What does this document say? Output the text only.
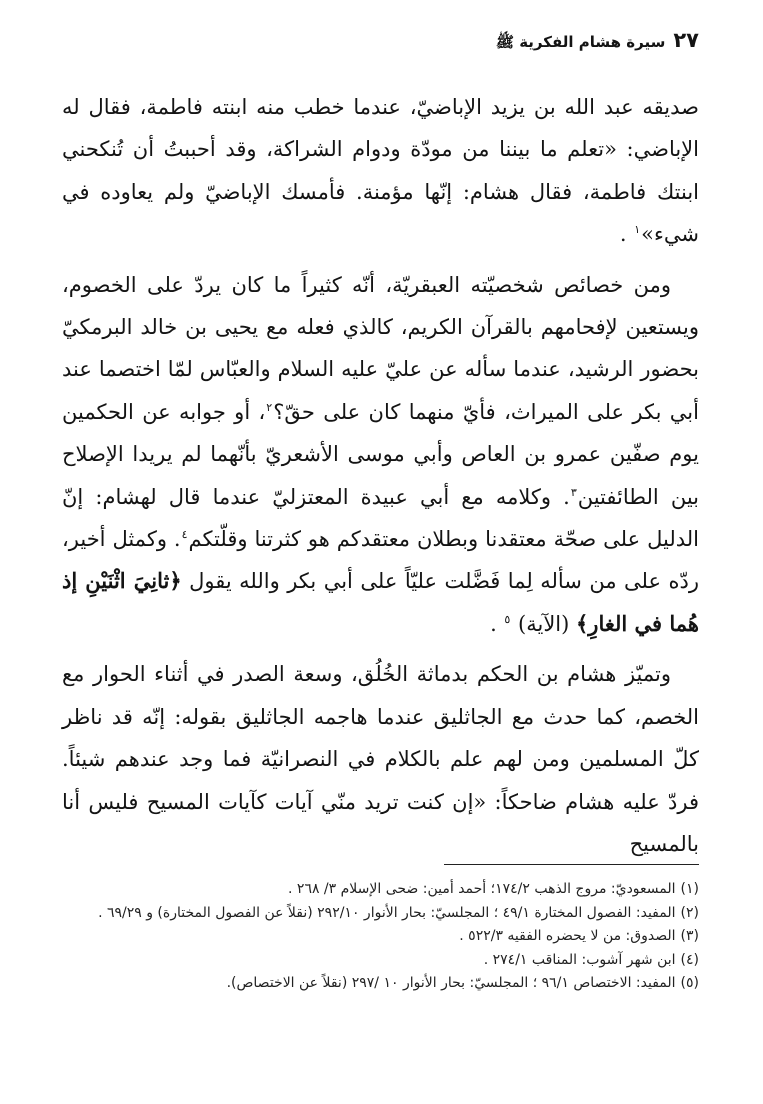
٢٧
سيرة هشام الفكرية ﷺ

صديقه عبد الله بن يزيد الإباضيّ، عندما خطب منه ابنته فاطمة، فقال له الإباضي: «تعلم ما بيننا من مودّة ودوام الشراكة، وقد أحببتُ أن تُنكحني ابنتك فاطمة، فقال هشام: إنّها مؤمنة. فأمسك الإباضيّ ولم يعاوده في شيء»$^١$ .

ومن خصائص شخصيّته العبقريّة، أنّه كثيراً ما كان يردّ على الخصوم، ويستعين لإفحامهم بالقرآن الكريم، كالذي فعله مع يحيى بن خالد البرمكيّ بحضور الرشيد، عندما سأله عن عليّ عليه السلام والعبّاس لمّا اختصما عند أبي بكر على الميراث، فأيّ منهما كان على حقّ؟$^٢$، أو جوابه عن الحكمين يوم صفّين عمرو بن العاص وأبي موسى الأشعريّ بأنّهما لم يريدا الإصلاح بين الطائفتين$^٣$. وكلامه مع أبي عبيدة المعتزليّ عندما قال لهشام: إنّ الدليل على صحّة معتقدنا وبطلان معتقدكم هو كثرتنا وقلّتكم$^٤$. وكمثل أخير، ردّه على من سأله لِما فَضَّلت عليّاً على أبي بكر والله يقول ﴿ثانِيَ اثْنَيْنِ إذ هُما في الغارِ﴾ (الآية) $^٥$ .

وتميّز هشام بن الحكم بدماثة الخُلُق، وسعة الصدر في أثناء الحوار مع الخصم، كما حدث مع الجاثليق عندما هاجمه الجاثليق بقوله: إنّه قد ناظر كلّ المسلمين ومن لهم علم بالكلام في النصرانيّة فما وجد عندهم شيئاً. فردّ عليه هشام ضاحكاً: «إن كنت تريد منّي آيات كآيات المسيح فليس أنا بالمسيح

(١)
المسعوديّ: مروج الذهب ١٧٤/٢؛ أحمد أمين: ضحى الإسلام ٣/ ٢٦٨ .
(٢)
المفيد: الفصول المختارة ٤٩/١ ؛ المجلسيّ: بحار الأنوار ٢٩٢/١٠ (نقلاً عن الفصول المختارة) و ٦٩/٢٩ .
(٣)
الصدوق: من لا يحضره الفقيه ٥٢٢/٣ .
(٤)
ابن شهر آشوب: المناقب ٢٧٤/١ .
(٥)
المفيد: الاختصاص ٩٦/١ ؛ المجلسيّ: بحار الأنوار ١٠ /٢٩٧ (نقلاً عن الاختصاص).
